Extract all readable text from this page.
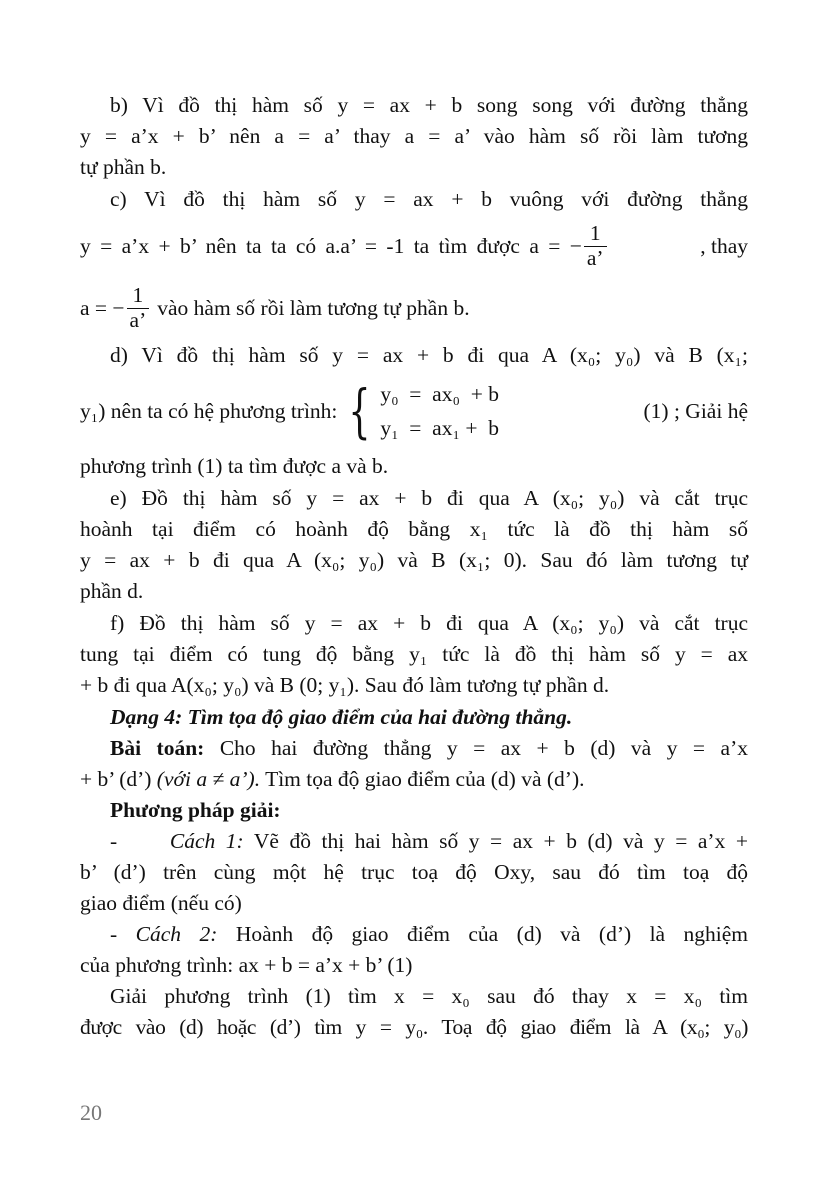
b) Vì đồ thị hàm số y = ax + b song song với đường thẳng
y = a’x + b’ nên a = a’ thay a = a’ vào hàm số rồi làm tương
tự phần b.
c) Vì đồ thị hàm số y = ax + b vuông với đường thẳng
y = a’x + b’ nên ta ta có a.a’ = -1 ta tìm được a = − $\frac{1}{a’}$	, thay
a = − $\frac{1}{a’}$ vào hàm số rồi làm tương tự phần b.
d) Vì đồ thị hàm số y = ax + b đi qua A (x₀; y₀) và B (x₁;
y₁) nên ta có hệ phương trình: { y₀  =  ax₀  + b
y₁  =  ax₁ +  b
(1) ; Giải hệ
phương trình (1) ta tìm được a và b.
e) Đồ thị hàm số y = ax + b đi qua A (x₀; y₀) và cắt trục
hoành tại điểm có hoành độ bằng x₁ tức là đồ thị hàm số
y = ax + b đi qua A (x₀; y₀) và B (x₁; 0). Sau đó làm tương tự
phần d.
f) Đồ thị hàm số y = ax + b đi qua A (x₀; y₀) và cắt trục
tung tại điểm có tung độ bằng y₁ tức là đồ thị hàm số y = ax
+ b đi qua A(x₀; y₀) và B (0; y₁). Sau đó làm tương tự phần d.
Dạng 4: Tìm tọa độ giao điểm của hai đường thẳng.
Bài toán: Cho hai đường thẳng y = ax + b (d) và y = a’x
+ b’ (d’) (với a ≠ a’). Tìm tọa độ giao điểm của (d) và (d’).
Phương pháp giải:
- Cách 1: Vẽ đồ thị hai hàm số y = ax + b (d) và y = a’x +
b’ (d’) trên cùng một hệ trục toạ độ Oxy, sau đó tìm toạ độ
giao điểm (nếu có)
- Cách 2: Hoành độ giao điểm của (d) và (d’) là nghiệm
của phương trình: ax + b = a’x + b’ (1)
Giải phương trình (1) tìm x = x₀ sau đó thay x = x₀ tìm
được vào (d) hoặc (d’) tìm y = y₀. Toạ độ giao điểm là A (x₀; y₀)
20
